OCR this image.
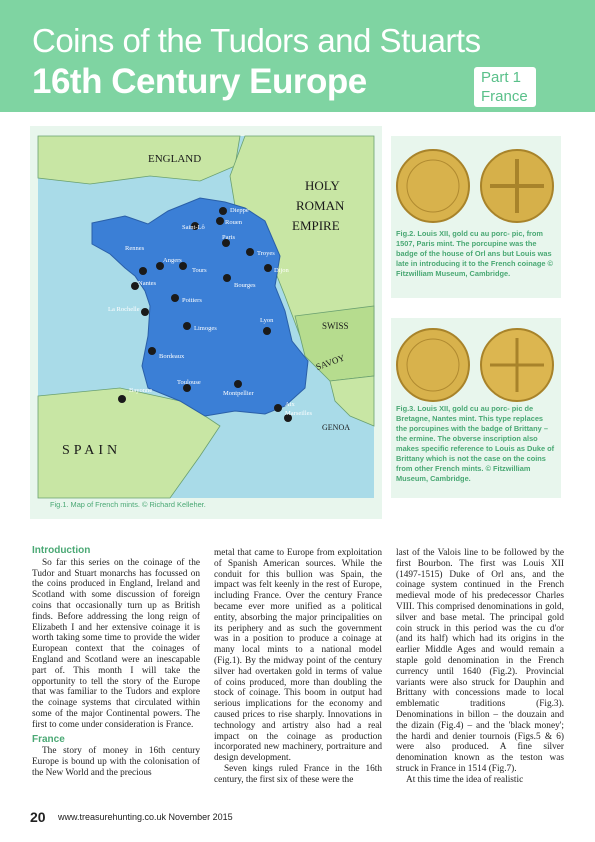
Coins of the Tudors and Stuarts
16th Century Europe	Part 1
France
Dieppe
Rouen
Saint-Lô
Paris
Troyes
Rennes
Angers
Tours	Dijon
Nantes	Bourges
Poitiers
La Rochelle
Limoges
Lyon
Bordeaux
Bayonne
Toulouse
Montpellier
Aix
Marseilles
ENGLAND
HOLY
ROMAN
EMPIRE
SWISS
SAVOY
GENOA
SPAIN
Fig.1. Map of French mints. © Richard Kelleher.
Fig.2. Louis XII, gold cu au porc- pic, from 1507, Paris mint. The porcupine was the badge of the house of Orl ans but Louis was late in introducing it to the French coinage © Fitzwilliam Museum, Cambridge.
Fig.3. Louis XII, gold cu au porc- pic de Bretagne, Nantes mint. This type replaces the porcupines with the badge of Brittany – the ermine. The obverse inscription also makes specific reference to Louis as Duke of Brittany which is not the case on the coins from other French mints. © Fitzwilliam Museum, Cambridge.
Introduction

So far this series on the coinage of the Tudor and Stuart monarchs has focussed on the coins produced in England, Ireland and Scotland with some discussion of foreign coins that occasionally turn up as British finds. Before addressing the long reign of Elizabeth I and her extensive coinage it is worth taking some time to provide the wider European context that the coinages of England and Scotland were an inescapable part of. This month I will take the opportunity to tell the story of the Europe that was familiar to the Tudors and explore the coinage systems that circulated within some of the major Continental powers. The first to come under consideration is France.

France

The story of money in 16th century Europe is bound up with the colonisation of the New World and the precious

metal that came to Europe from exploitation of Spanish American sources. While the conduit for this bullion was Spain, the impact was felt keenly in the rest of Europe, including France. Over the century France became ever more unified as a political entity, absorbing the major principalities on its periphery and as such the government was in a position to produce a coinage at many local mints to a national model (Fig.1). By the midway point of the century silver had overtaken gold in terms of value of coins produced, more than doubling the stock of coinage. This boom in output had serious implications for the economy and caused prices to rise sharply. Innovations in technology and artistry also had a real impact on the coinage as production incorporated new machinery, portraiture and design development.

Seven kings ruled France in the 16th century, the first six of these were the

last of the Valois line to be followed by the first Bourbon. The first was Louis XII (1497-1515) Duke of Orl ans, and the coinage system continued in the French medieval mode of his predecessor Charles VIII. This comprised denominations in gold, silver and base metal. The principal gold coin struck in this period was the cu d'or (and its half) which had its origins in the earlier Middle Ages and would remain a staple gold denomination in the French currency until 1640 (Fig.2). Provincial variants were also struck for Dauphin and Brittany with concessions made to local emblematic traditions (Fig.3). Denominations in billon – the douzain and the dizain (Fig.4) – and the 'black money'; the hardi and denier tournois (Figs.5 & 6) were also produced. A fine silver denomination known as the teston was struck in France in 1514 (Fig.7).

At this time the idea of realistic

20 www.treasurehunting.co.uk November 2015
